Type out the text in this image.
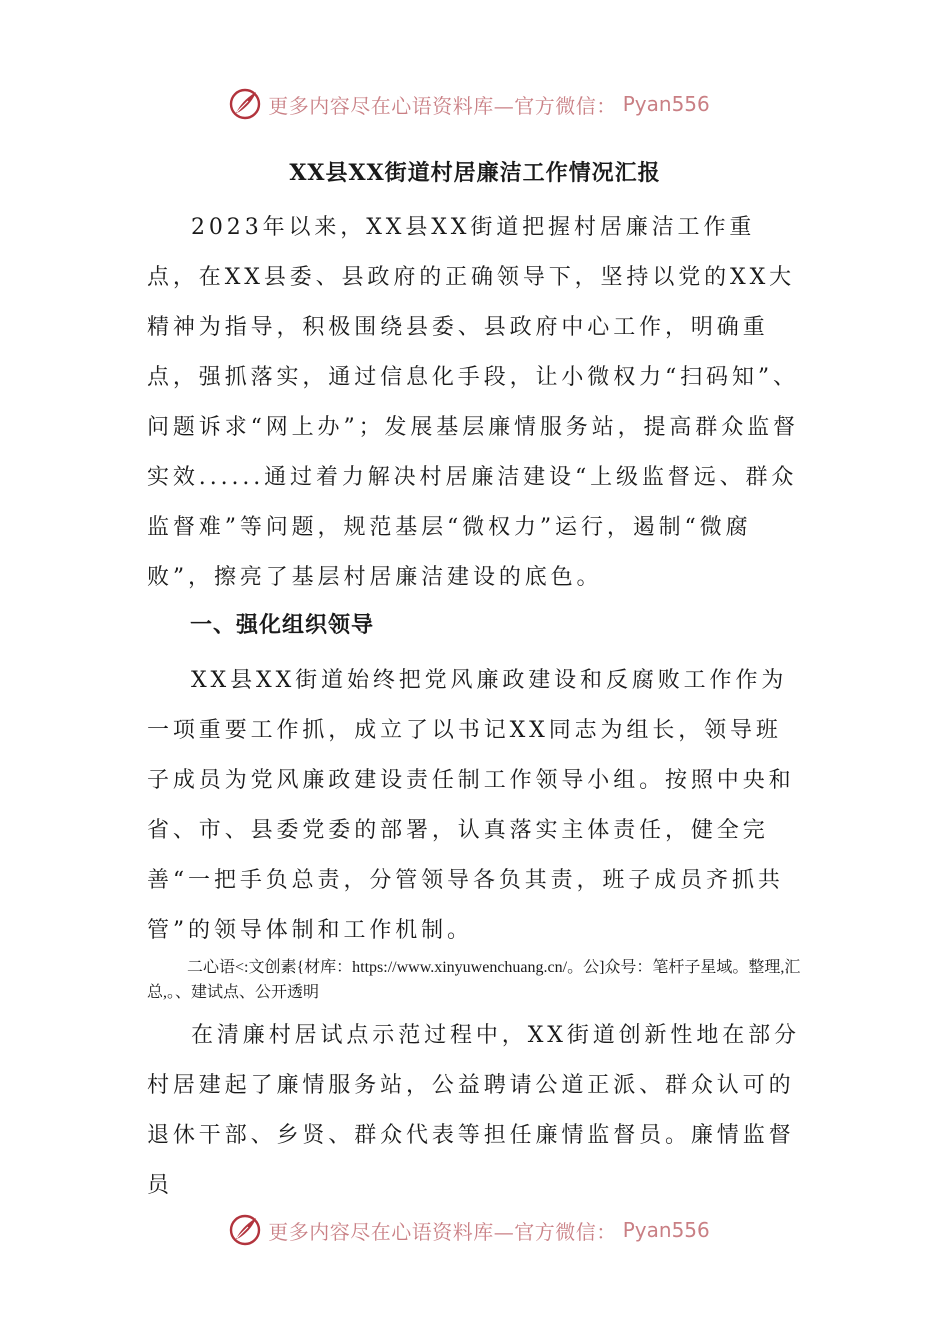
更多内容尽在心语资料库—官方微信： Pyan556
XX县XX街道村居廉洁工作情况汇报

2023年以来，XX县XX街道把握村居廉洁工作重点，在XX县委、县政府的正确领导下，坚持以党的XX大精神为指导，积极围绕县委、县政府中心工作，明确重点，强抓落实，通过信息化手段，让小微权力“扫码知”、问题诉求“网上办”；发展基层廉情服务站，提高群众监督实效......通过着力解决村居廉洁建设“上级监督远、群众监督难”等问题，规范基层“微权力”运行，遏制“微腐败”，擦亮了基层村居廉洁建设的底色。

一、强化组织领导

XX县XX街道始终把党风廉政建设和反腐败工作作为一项重要工作抓，成立了以书记XX同志为组长，领导班子成员为党风廉政建设责任制工作领导小组。按照中央和省、市、县委党委的部署，认真落实主体责任，健全完善“一把手负总责，分管领导各负其责，班子成员齐抓共管”的领导体制和工作机制。

二心语<:文创素{材库：https://www.xinyuwenchuang.cn/。公]众号：笔杆子星域。整理,汇总,。、建试点、公开透明

在清廉村居试点示范过程中，XX街道创新性地在部分村居建起了廉情服务站，公益聘请公道正派、群众认可的退休干部、乡贤、群众代表等担任廉情监督员。廉情监督员

更多内容尽在心语资料库—官方微信： Pyan556
